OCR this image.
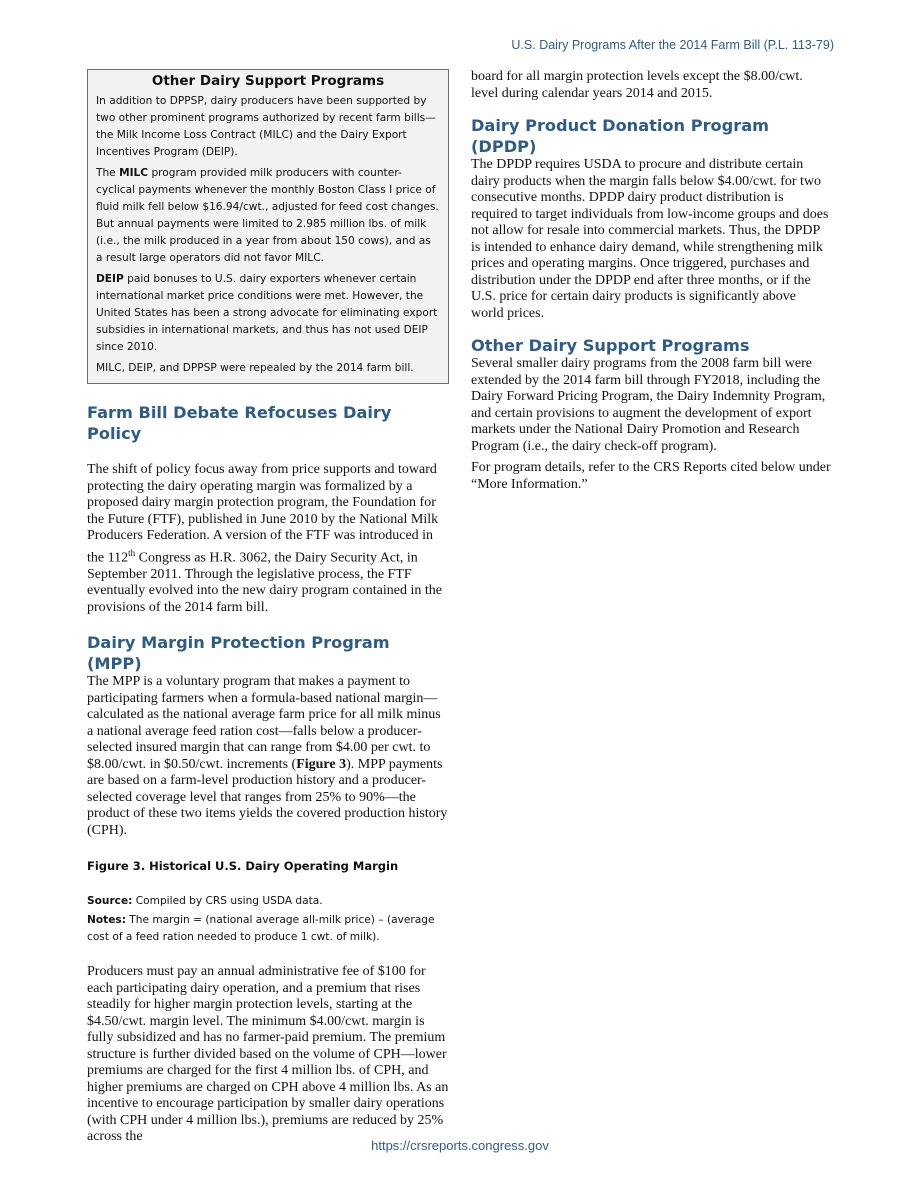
U.S. Dairy Programs After the 2014 Farm Bill (P.L. 113-79)
Other Dairy Support Programs

In addition to DPPSP, dairy producers have been supported by two other prominent programs authorized by recent farm bills—the Milk Income Loss Contract (MILC) and the Dairy Export Incentives Program (DEIP).

The MILC program provided milk producers with counter-cyclical payments whenever the monthly Boston Class I price of fluid milk fell below $16.94/cwt., adjusted for feed cost changes. But annual payments were limited to 2.985 million lbs. of milk (i.e., the milk produced in a year from about 150 cows), and as a result large operators did not favor MILC.

DEIP paid bonuses to U.S. dairy exporters whenever certain international market price conditions were met. However, the United States has been a strong advocate for eliminating export subsidies in international markets, and thus has not used DEIP since 2010.

MILC, DEIP, and DPPSP were repealed by the 2014 farm bill.

Farm Bill Debate Refocuses Dairy Policy

The shift of policy focus away from price supports and toward protecting the dairy operating margin was formalized by a proposed dairy margin protection program, the Foundation for the Future (FTF), published in June 2010 by the National Milk Producers Federation. A version of the FTF was introduced in the 112th Congress as H.R. 3062, the Dairy Security Act, in September 2011. Through the legislative process, the FTF eventually evolved into the new dairy program contained in the provisions of the 2014 farm bill.

Dairy Margin Protection Program (MPP)

The MPP is a voluntary program that makes a payment to participating farmers when a formula-based national margin—calculated as the national average farm price for all milk minus a national average feed ration cost—falls below a producer-selected insured margin that can range from $4.00 per cwt. to $8.00/cwt. in $0.50/cwt. increments (Figure 3). MPP payments are based on a farm-level production history and a producer-selected coverage level that ranges from 25% to 90%—the product of these two items yields the covered production history (CPH).

Figure 3. Historical U.S. Dairy Operating Margin

Source: Compiled by CRS using USDA data.

Notes: The margin = (national average all-milk price) – (average cost of a feed ration needed to produce 1 cwt. of milk).

Producers must pay an annual administrative fee of $100 for each participating dairy operation, and a premium that rises steadily for higher margin protection levels, starting at the $4.50/cwt. margin level. The minimum $4.00/cwt. margin is fully subsidized and has no farmer-paid premium. The premium structure is further divided based on the volume of CPH—lower premiums are charged for the first 4 million lbs. of CPH, and higher premiums are charged on CPH above 4 million lbs. As an incentive to encourage participation by smaller dairy operations (with CPH under 4 million lbs.), premiums are reduced by 25% across the

board for all margin protection levels except the $8.00/cwt. level during calendar years 2014 and 2015.

Dairy Product Donation Program (DPDP)

The DPDP requires USDA to procure and distribute certain dairy products when the margin falls below $4.00/cwt. for two consecutive months. DPDP dairy product distribution is required to target individuals from low-income groups and does not allow for resale into commercial markets. Thus, the DPDP is intended to enhance dairy demand, while strengthening milk prices and operating margins. Once triggered, purchases and distribution under the DPDP end after three months, or if the U.S. price for certain dairy products is significantly above world prices.

Other Dairy Support Programs

Several smaller dairy programs from the 2008 farm bill were extended by the 2014 farm bill through FY2018, including the Dairy Forward Pricing Program, the Dairy Indemnity Program, and certain provisions to augment the development of export markets under the National Dairy Promotion and Research Program (i.e., the dairy check-off program).

For program details, refer to the CRS Reports cited below under “More Information.”

https://crsreports.congress.gov
